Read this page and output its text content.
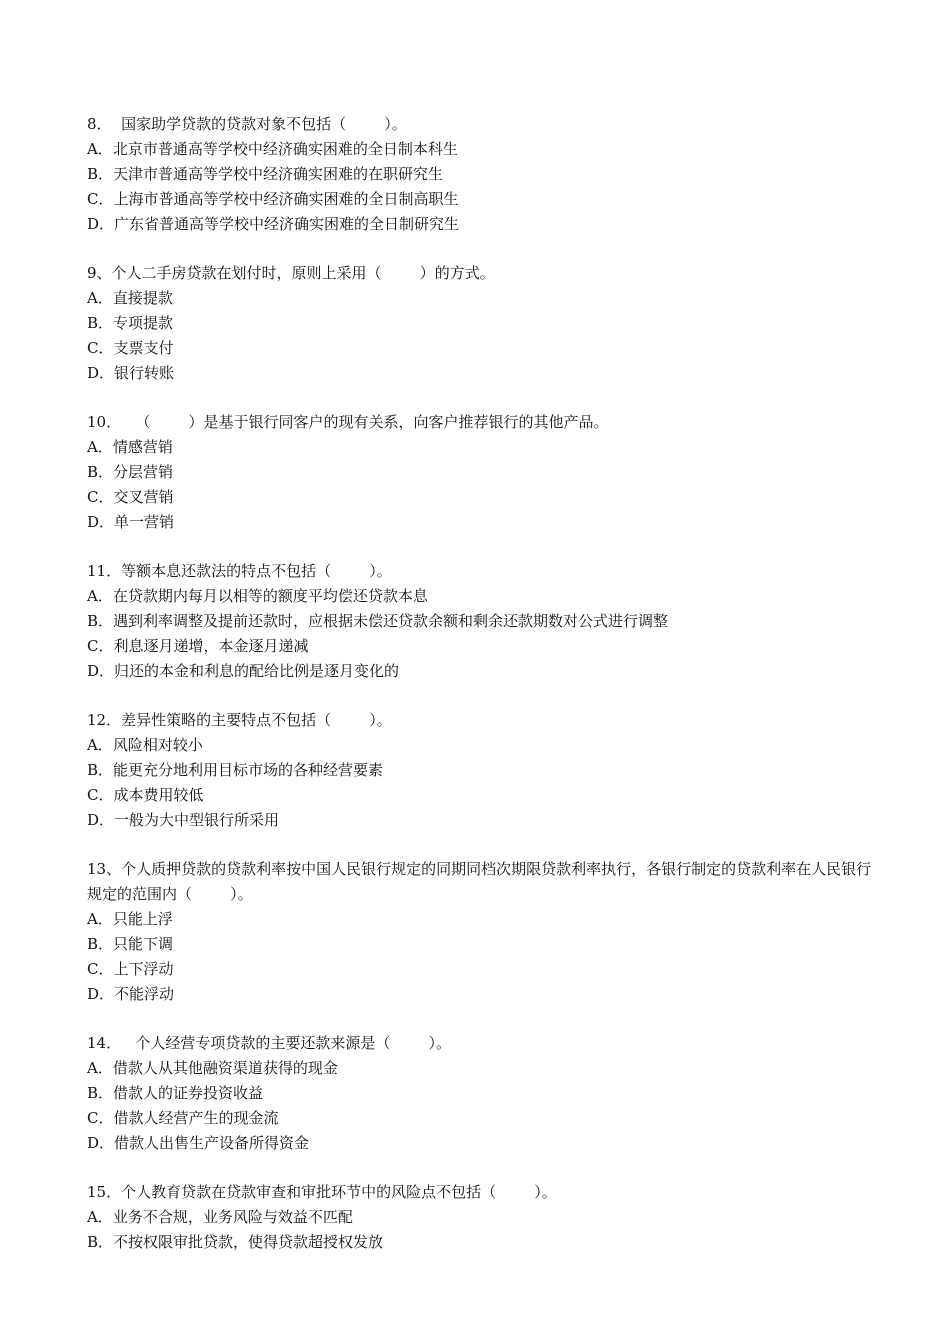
8．  国家助学贷款的贷款对象不包括（        ）。

A．北京市普通高等学校中经济确实困难的全日制本科生

B．天津市普通高等学校中经济确实困难的在职研究生

C．上海市普通高等学校中经济确实困难的全日制高职生

D．广东省普通高等学校中经济确实困难的全日制研究生

9、个人二手房贷款在划付时，原则上采用（        ）的方式。

A．直接提款

B．专项提款

C．支票支付

D．银行转账

10．   （        ）是基于银行同客户的现有关系，向客户推荐银行的其他产品。

A．情感营销

B．分层营销

C．交叉营销

D．单一营销

11．等额本息还款法的特点不包括（        ）。

A．在贷款期内每月以相等的额度平均偿还贷款本息

B．遇到利率调整及提前还款时，应根据未偿还贷款余额和剩余还款期数对公式进行调整

C．利息逐月递增，本金逐月递减

D．归还的本金和利息的配给比例是逐月变化的

12．差异性策略的主要特点不包括（        ）。

A．风险相对较小

B．能更充分地利用目标市场的各种经营要素

C．成本费用较低

D．一般为大中型银行所采用

13、个人质押贷款的贷款利率按中国人民银行规定的同期同档次期限贷款利率执行，各银行制定的贷款利率在人民银行规定的范围内（        ）。

A．只能上浮

B．只能下调

C．上下浮动

D．不能浮动

14．   个人经营专项贷款的主要还款来源是（        ）。

A．借款人从其他融资渠道获得的现金

B．借款人的证券投资收益

C．借款人经营产生的现金流

D．借款人出售生产设备所得资金

15．个人教育贷款在贷款审查和审批环节中的风险点不包括（        ）。

A．业务不合规，业务风险与效益不匹配

B．不按权限审批贷款，使得贷款超授权发放
